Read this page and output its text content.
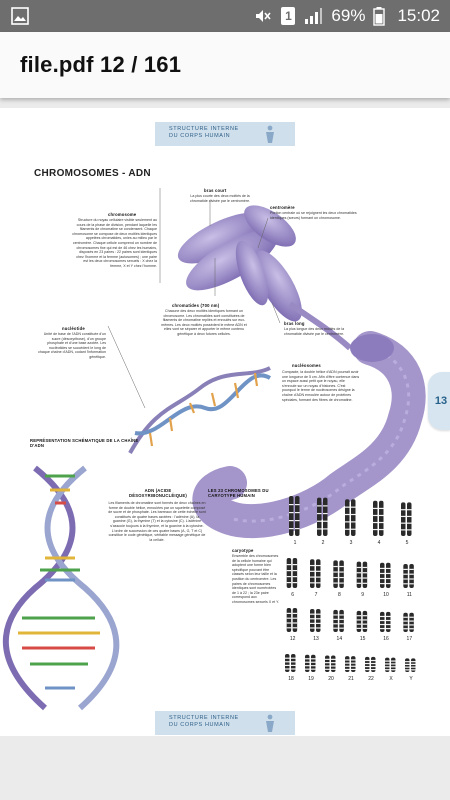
1 69% 15:02
file.pdf 12 / 161
STRUCTURE INTERNE
DU CORPS HUMAIN
CHROMOSOMES - ADN
bras court
La plus courte des deux moitiés de la chromatide divisée par le centromère.
chromosome
Structure du noyau cellulaire visible seulement au cours de la phase de division, pendant laquelle les filaments de chromatine se condensent. Chaque chromosome se compose de deux moitiés identiques appelées chromatides, unies au milieu par le centromère. Chaque cellule comprend un nombre de chromosomes fixe qui est de 46 chez les humains, disposés en 23 paires : 22 paires sont identiques chez l'homme et la femme (autosomes) ; une paire est les deux chromosomes sexuels : X chez la femme, X et Y chez l'homme.
centromère
Portion centrale où se rejoignent les deux chromatides identiques (sœurs) formant un chromosome.
chromatides (700 nm)
Chacune des deux moitiés identiques formant un chromosome. Les chromatides sont constituées de filaments de chromatine repliés et enroulés sur eux-mêmes. Les deux moitiés possèdent le même ADN et elles vont se séparer et apporter le même contenu génétique à deux futures cellules.
bras long
La plus longue des deux moitiés de la chromatide divisée par le centromère.
nucléotide
Unité de base de l'ADN constituée d'un sucre (désoxyribose), d'un groupe phosphate et d'une base azotée. Les nucléotides se succèdent le long de chaque chaîne d'ADN, codant l'information génétique.
nucléosomes
Compacte, la double hélice d'ADN pourrait avoir une longueur de 5 cm. Afin d'être contenue dans un espace aussi petit que le noyau, elle s'enroule sur un noyau d'histones. C'est pourquoi le terme de nucléosomes désigne la chaîne d'ADN enroulée autour de protéines spéciales, formant des fibres de chromatine.
REPRÉSENTATION SCHÉMATIQUE DE LA CHAÎNE D'ADN
ADN (ACIDE DÉSOXYRIBONUCLÉIQUE)
Les filaments de chromatine sont formés de deux chaînes en forme de double hélice, enroulées par un squelette composé de sucre et de phosphate. Les barreaux de cette échelle sont constitués de quatre bases azotées : l'adénine (A), la guanine (G), la thymine (T) et la cytosine (C). L'adénine s'associe toujours à la thymine, et la guanine à la cytosine. L'ordre de succession de ces quatre bases (A, G, T et C) constitue le code génétique, véritable message génétique de la cellule.
LES 23 CHROMOSOMES DU CARYOTYPE HUMAIN
caryotype
Ensemble des chromosomes de la cellule humaine qui adoptent une forme bien spécifique pouvant être classés selon leur taille et la position du centromère. Les paires de chromosomes identiques sont numérotées de 1 à 22 ; la 23e paire correspond aux chromosomes sexuels X et Y.
1	2	3	4	5
6	7	8	9	10	11
12	13	14	15	16	17
18	19	20	21	22	X	Y
STRUCTURE INTERNE
DU CORPS HUMAIN
13
